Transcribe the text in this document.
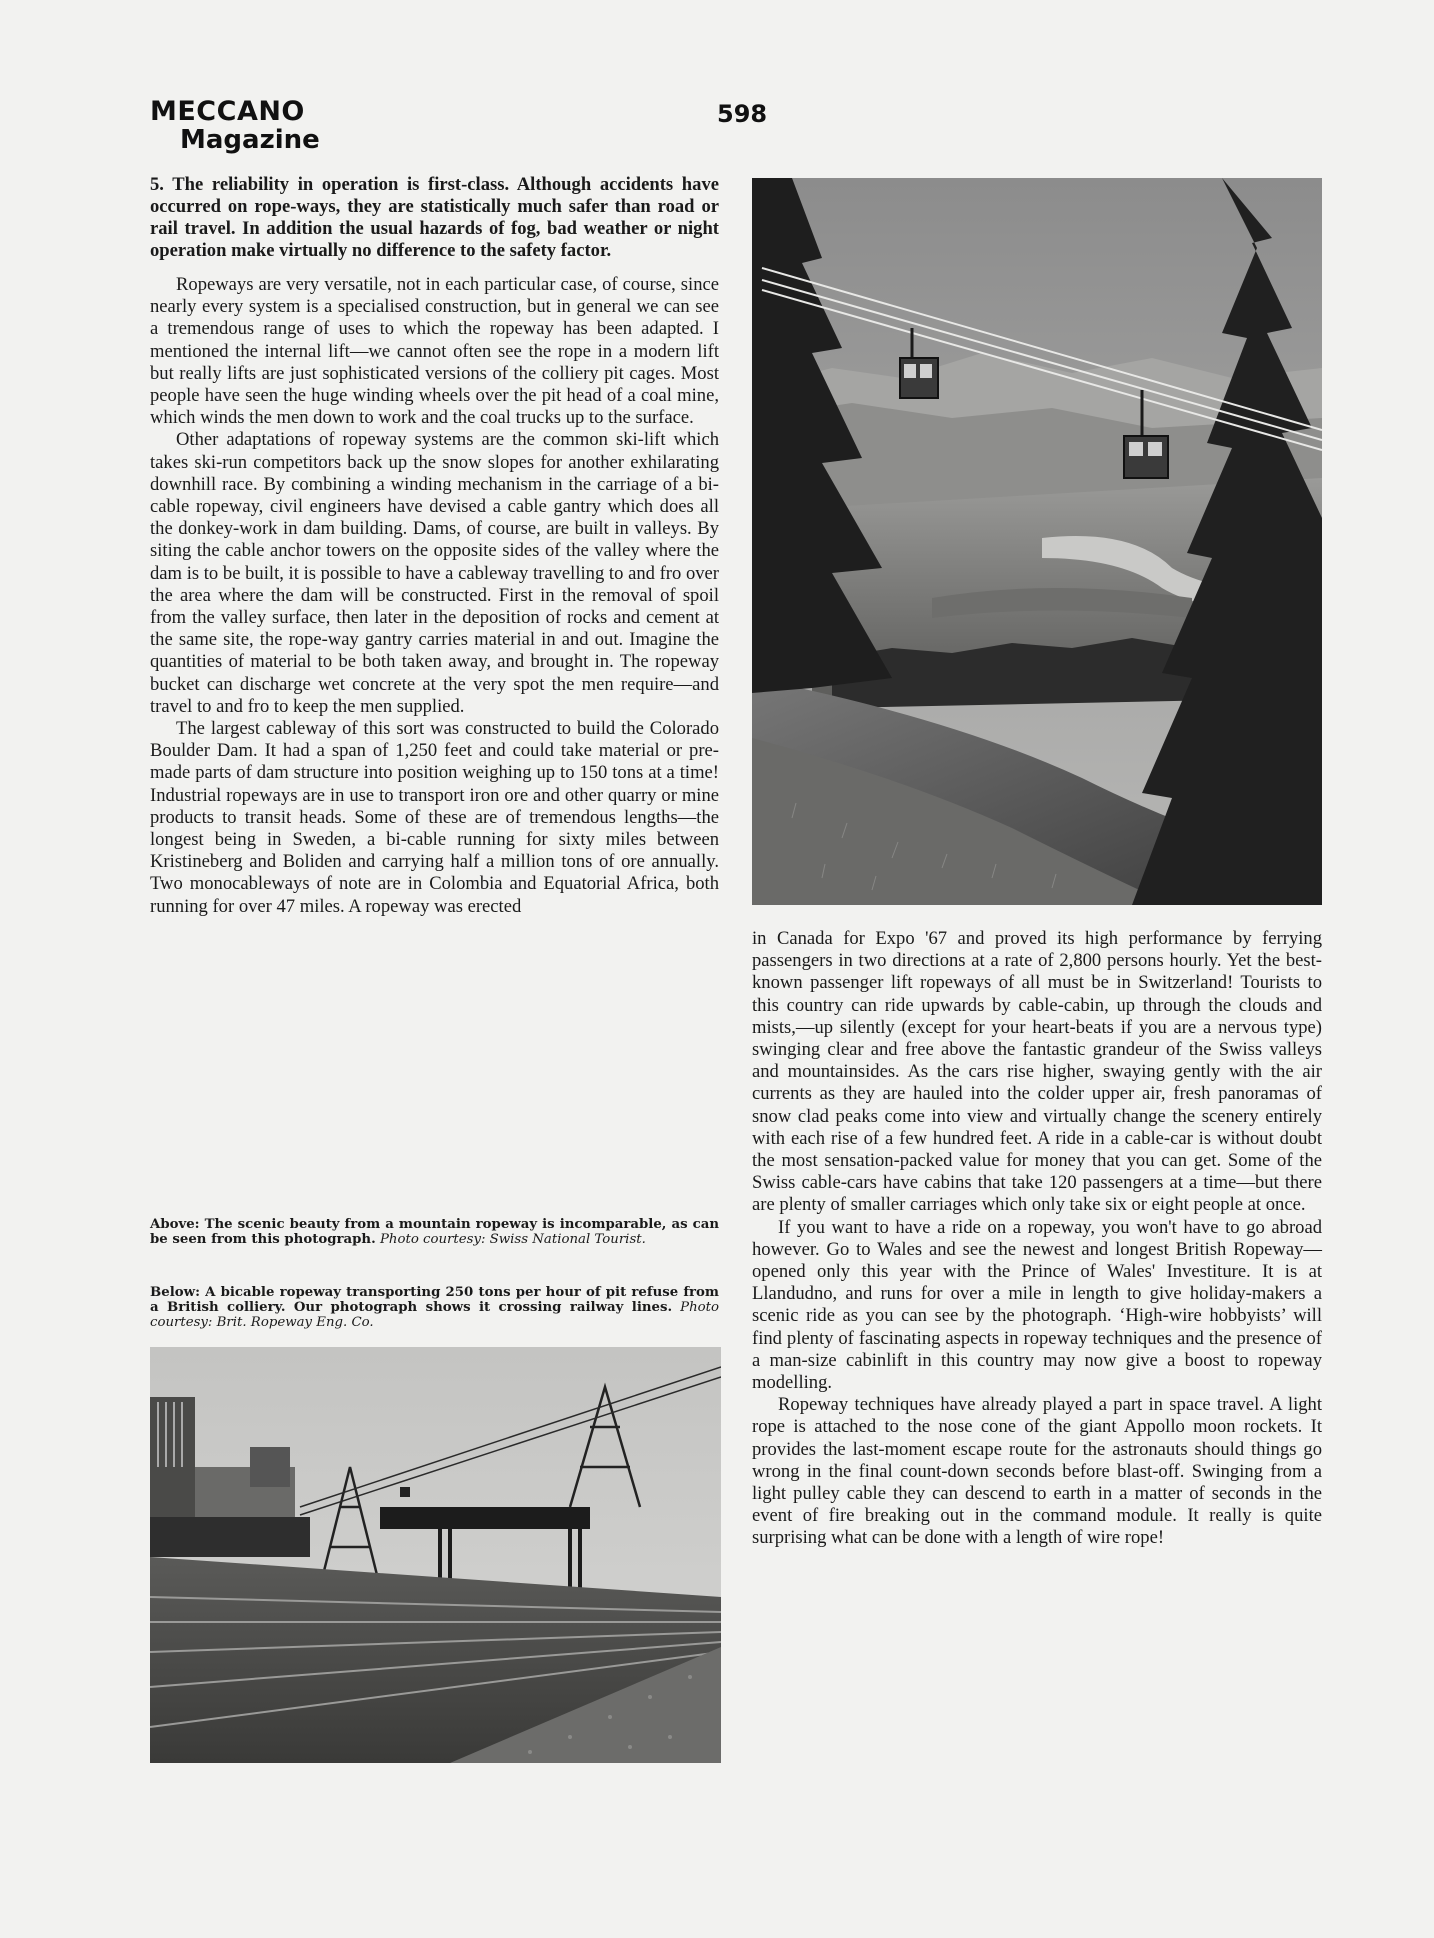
MECCANO
Magazine
598

5. The reliability in operation is first-class. Although accidents have occurred on rope-ways, they are statistically much safer than road or rail travel. In addition the usual hazards of fog, bad weather or night operation make virtually no difference to the safety factor.

Ropeways are very versatile, not in each particular case, of course, since nearly every system is a specialised construction, but in general we can see a tremendous range of uses to which the ropeway has been adapted. I mentioned the internal lift—we cannot often see the rope in a modern lift but really lifts are just sophisticated versions of the colliery pit cages. Most people have seen the huge winding wheels over the pit head of a coal mine, which winds the men down to work and the coal trucks up to the surface.

Other adaptations of ropeway systems are the common ski-lift which takes ski-run competitors back up the snow slopes for another exhilarating downhill race. By combining a winding mechanism in the carriage of a bi-cable ropeway, civil engineers have devised a cable gantry which does all the donkey-work in dam building. Dams, of course, are built in valleys. By siting the cable anchor towers on the opposite sides of the valley where the dam is to be built, it is possible to have a cableway travelling to and fro over the area where the dam will be constructed. First in the removal of spoil from the valley surface, then later in the deposition of rocks and cement at the same site, the rope-way gantry carries material in and out. Imagine the quantities of material to be both taken away, and brought in. The ropeway bucket can discharge wet concrete at the very spot the men require—and travel to and fro to keep the men supplied.

The largest cableway of this sort was constructed to build the Colorado Boulder Dam. It had a span of 1,250 feet and could take material or pre-made parts of dam structure into position weighing up to 150 tons at a time! Industrial ropeways are in use to transport iron ore and other quarry or mine products to transit heads. Some of these are of tremendous lengths—the longest being in Sweden, a bi-cable running for sixty miles between Kristineberg and Boliden and carrying half a million tons of ore annually. Two monocableways of note are in Colombia and Equatorial Africa, both running for over 47 miles. A ropeway was erected

Above: The scenic beauty from a mountain ropeway is incomparable, as can be seen from this photograph. Photo courtesy: Swiss National Tourist.
Below: A bicable ropeway transporting 250 tons per hour of pit refuse from a British colliery. Our photograph shows it crossing railway lines. Photo courtesy: Brit. Ropeway Eng. Co.

in Canada for Expo '67 and proved its high performance by ferrying passengers in two directions at a rate of 2,800 persons hourly. Yet the best-known passenger lift ropeways of all must be in Switzerland! Tourists to this country can ride upwards by cable-cabin, up through the clouds and mists,—up silently (except for your heart-beats if you are a nervous type) swinging clear and free above the fantastic grandeur of the Swiss valleys and mountainsides. As the cars rise higher, swaying gently with the air currents as they are hauled into the colder upper air, fresh panoramas of snow clad peaks come into view and virtually change the scenery entirely with each rise of a few hundred feet. A ride in a cable-car is without doubt the most sensation-packed value for money that you can get. Some of the Swiss cable-cars have cabins that take 120 passengers at a time—but there are plenty of smaller carriages which only take six or eight people at once.

If you want to have a ride on a ropeway, you won't have to go abroad however. Go to Wales and see the newest and longest British Ropeway—opened only this year with the Prince of Wales' Investiture. It is at Llandudno, and runs for over a mile in length to give holiday-makers a scenic ride as you can see by the photograph. ‘High-wire hobbyists’ will find plenty of fascinating aspects in ropeway techniques and the presence of a man-size cabinlift in this country may now give a boost to ropeway modelling.

Ropeway techniques have already played a part in space travel. A light rope is attached to the nose cone of the giant Appollo moon rockets. It provides the last-moment escape route for the astronauts should things go wrong in the final count-down seconds before blast-off. Swinging from a light pulley cable they can descend to earth in a matter of seconds in the event of fire breaking out in the command module. It really is quite surprising what can be done with a length of wire rope!
